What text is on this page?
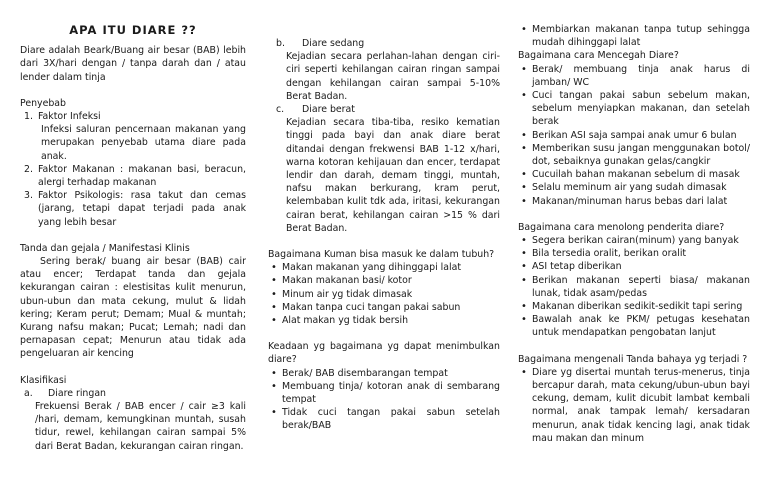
APA ITU DIARE ??

Diare adalah Beark/Buang air besar (BAB) lebih dari 3X/hari dengan / tanpa darah dan / atau lender dalam tinja

Penyebab

1. Faktor Infeksi
Infeksi saluran pencernaan makanan yang merupakan penyebab utama diare pada anak.
2. Faktor Makanan : makanan basi, beracun, alergi terhadap makanan
3. Faktor Psikologis: rasa takut dan cemas (jarang, tetapi dapat terjadi pada anak yang lebih besar

Tanda dan gejala / Manifestasi Klinis

Sering berak/ buang air besar (BAB) cair atau encer; Terdapat tanda dan gejala kekurangan cairan : elestisitas kulit menurun, ubun-ubun dan mata cekung, mulut & lidah kering; Keram perut; Demam; Mual & muntah; Kurang nafsu makan; Pucat; Lemah; nadi dan pernapasan cepat; Menurun atau tidak ada pengeluaran air kencing

Klasifikasi

a.	Diare ringan
Frekuensi Berak / BAB encer / cair ≥3 kali /hari, demam, kemungkinan muntah, susah tidur, rewel, kehilangan cairan sampai 5% dari Berat Badan, kekurangan cairan ringan.
b.	Diare sedang
Kejadian secara perlahan-lahan dengan ciri-ciri seperti kehilangan cairan ringan sampai dengan kehilangan cairan sampai 5-10% Berat Badan.
c.	Diare berat
Kejadian secara tiba-tiba, resiko kematian tinggi pada bayi dan anak diare berat ditandai dengan frekwensi BAB 1-12 x/hari, warna kotoran kehijauan dan encer, terdapat lendir dan darah, demam tinggi, muntah, nafsu makan berkurang, kram perut, kelembaban kulit tdk ada, iritasi, kekurangan cairan berat, kehilangan cairan >15 % dari Berat Badan.

Bagaimana Kuman bisa masuk ke dalam tubuh?

• Makan makanan yang dihinggapi lalat
• Makan makanan basi/ kotor
• Minum air yg tidak dimasak
• Makan tanpa cuci tangan pakai sabun
• Alat makan yg tidak bersih

Keadaan yg bagaimana yg dapat menimbulkan diare?

• Berak/ BAB disembarangan tempat
• Membuang tinja/ kotoran anak di sembarang tempat
• Tidak cuci tangan pakai sabun setelah berak/BAB
• Membiarkan makanan tanpa tutup sehingga mudah dihinggapi lalat

Bagaimana cara Mencegah Diare?

• Berak/ membuang tinja anak harus di jamban/ WC
• Cuci tangan pakai sabun sebelum makan, sebelum menyiapkan makanan, dan setelah berak
• Berikan ASI saja sampai anak umur 6 bulan
• Memberikan susu jangan menggunakan botol/ dot, sebaiknya gunakan gelas/cangkir
• Cucuilah bahan makanan sebelum di masak
• Selalu meminum air yang sudah dimasak
• Makanan/minuman harus bebas dari lalat

Bagaimana cara menolong penderita diare?

• Segera berikan cairan(minum) yang banyak
• Bila tersedia oralit, berikan oralit
• ASI tetap diberikan
• Berikan makanan seperti biasa/ makanan lunak, tidak asam/pedas
• Makanan diberikan sedikit-sedikit tapi sering
• Bawalah anak ke PKM/ petugas kesehatan untuk mendapatkan pengobatan lanjut

Bagaimana mengenali Tanda bahaya yg terjadi ?

• Diare yg disertai muntah terus-menerus, tinja bercapur darah, mata cekung/ubun-ubun bayi cekung, demam, kulit dicubit lambat kembali normal, anak tampak lemah/ kersadaran menurun, anak tidak kencing lagi, anak tidak mau makan dan minum
